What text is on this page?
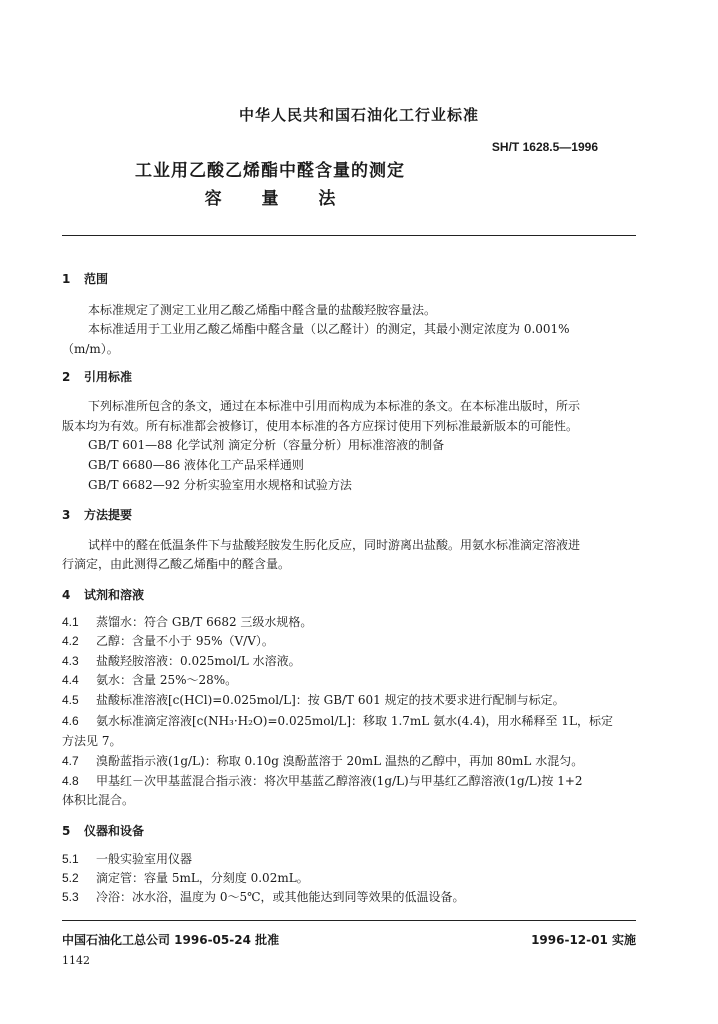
中华人民共和国石油化工行业标准
SH/T 1628.5—1996
工业用乙酸乙烯酯中醛含量的测定
容 量 法
1 范围
本标准规定了测定工业用乙酸乙烯酯中醛含量的盐酸羟胺容量法。
本标准适用于工业用乙酸乙烯酯中醛含量（以乙醛计）的测定，其最小测定浓度为 0.001%
（m/m）。
2 引用标准
下列标准所包含的条文，通过在本标准中引用而构成为本标准的条文。在本标准出版时，所示
版本均为有效。所有标准都会被修订，使用本标准的各方应探讨使用下列标准最新版本的可能性。
GB/T 601—88 化学试剂 滴定分析（容量分析）用标准溶液的制备
GB/T 6680—86 液体化工产品采样通则
GB/T 6682—92 分析实验室用水规格和试验方法
3 方法提要
试样中的醛在低温条件下与盐酸羟胺发生肟化反应，同时游离出盐酸。用氨水标准滴定溶液进
行滴定，由此测得乙酸乙烯酯中的醛含量。
4 试剂和溶液
4.1 蒸馏水：符合 GB/T 6682 三级水规格。
4.2 乙醇：含量不小于 95%（V/V）。
4.3 盐酸羟胺溶液：0.025mol/L 水溶液。
4.4 氨水：含量 25%～28%。
4.5 盐酸标准溶液[c(HCl)=0.025mol/L]：按 GB/T 601 规定的技术要求进行配制与标定。
4.6 氨水标准滴定溶液[c(NH₃·H₂O)=0.025mol/L]：移取 1.7mL 氨水(4.4)，用水稀释至 1L，标定
方法见 7。
4.7 溴酚蓝指示液(1g/L)：称取 0.10g 溴酚蓝溶于 20mL 温热的乙醇中，再加 80mL 水混匀。
4.8 甲基红－次甲基蓝混合指示液：将次甲基蓝乙醇溶液(1g/L)与甲基红乙醇溶液(1g/L)按 1+2
体积比混合。
5 仪器和设备
5.1 一般实验室用仪器
5.2 滴定管：容量 5mL，分刻度 0.02mL。
5.3 冷浴：冰水浴，温度为 0～5℃，或其他能达到同等效果的低温设备。
中国石油化工总公司 1996-05-24 批准	1996-12-01 实施
1142
